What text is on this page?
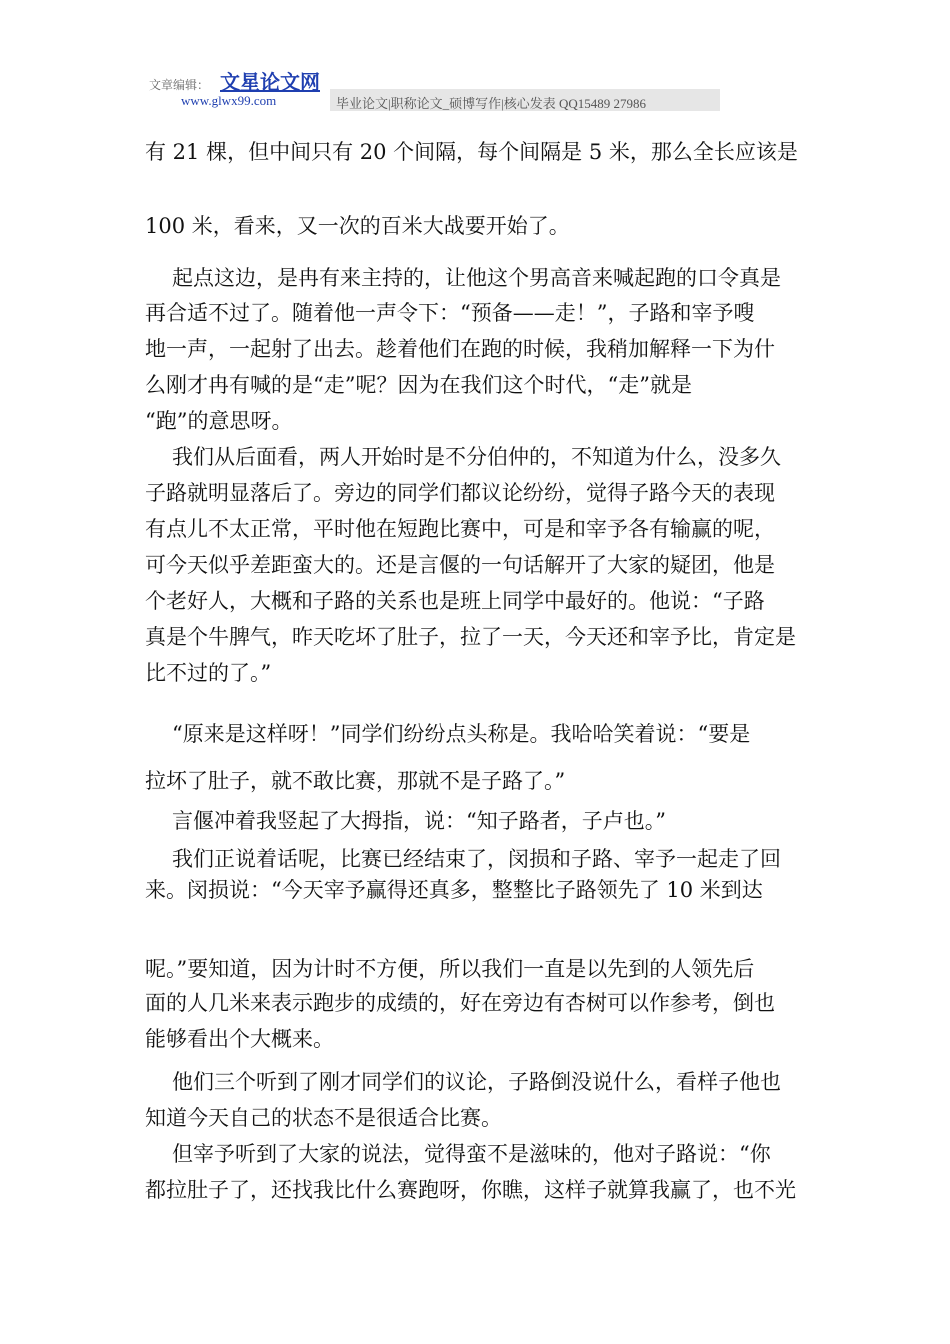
文章编辑： 文星论文网
www.glwx99.com	毕业论文|职称论文_硕博写作|核心发表 QQ15489 27986
有 21 棵，但中间只有 20 个间隔，每个间隔是 5 米，那么全长应该是
100 米，看来，又一次的百米大战要开始了。
起点这边，是冉有来主持的，让他这个男高音来喊起跑的口令真是
再合适不过了。随着他一声令下：“预备——走！”，子路和宰予嗖
地一声，一起射了出去。趁着他们在跑的时候，我稍加解释一下为什
么刚才冉有喊的是“走”呢？因为在我们这个时代，“走”就是
“跑”的意思呀。
我们从后面看，两人开始时是不分伯仲的，不知道为什么，没多久
子路就明显落后了。旁边的同学们都议论纷纷，觉得子路今天的表现
有点儿不太正常，平时他在短跑比赛中，可是和宰予各有输赢的呢，
可今天似乎差距蛮大的。还是言偃的一句话解开了大家的疑团，他是
个老好人，大概和子路的关系也是班上同学中最好的。他说：“子路
真是个牛脾气，昨天吃坏了肚子，拉了一天，今天还和宰予比，肯定是
比不过的了。”
“原来是这样呀！”同学们纷纷点头称是。我哈哈笑着说：“要是
拉坏了肚子，就不敢比赛，那就不是子路了。”
言偃冲着我竖起了大拇指，说：“知子路者，子卢也。”
我们正说着话呢，比赛已经结束了，闵损和子路、宰予一起走了回
来。闵损说：“今天宰予赢得还真多，整整比子路领先了 10 米到达
呢。”要知道，因为计时不方便，所以我们一直是以先到的人领先后
面的人几米来表示跑步的成绩的，好在旁边有杏树可以作参考，倒也
能够看出个大概来。
他们三个听到了刚才同学们的议论，子路倒没说什么，看样子他也
知道今天自己的状态不是很适合比赛。
但宰予听到了大家的说法，觉得蛮不是滋味的，他对子路说：“你
都拉肚子了，还找我比什么赛跑呀，你瞧，这样子就算我赢了，也不光
